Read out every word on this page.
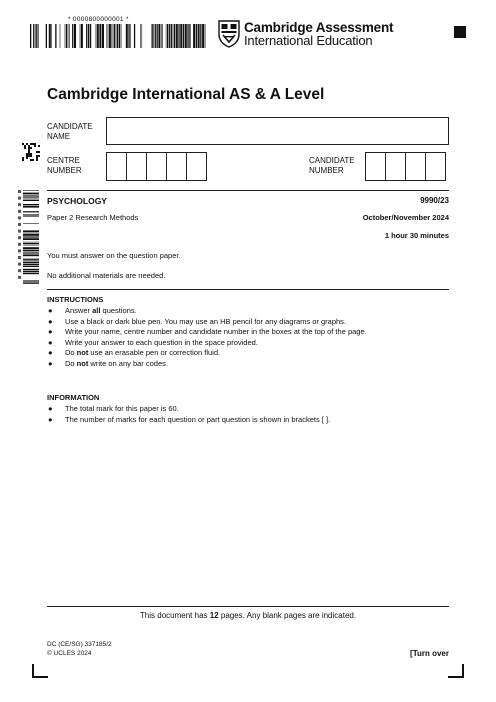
* 0000800000001 *
Cambridge Assessment
International Education
Cambridge International AS & A Level
CANDIDATE
NAME
CENTRE
NUMBER
CANDIDATE
NUMBER
PSYCHOLOGY	9990/23
Paper 2 Research Methods	October/November 2024
1 hour 30 minutes
You must answer on the question paper.
No additional materials are needed.
INSTRUCTIONS
● Answer all questions.
● Use a black or dark blue pen. You may use an HB pencil for any diagrams or graphs.
● Write your name, centre number and candidate number in the boxes at the top of the page.
● Write your answer to each question in the space provided.
● Do not use an erasable pen or correction fluid.
● Do not write on any bar codes.
INFORMATION
● The total mark for this paper is 60.
● The number of marks for each question or part question is shown in brackets [ ].
This document has 12 pages. Any blank pages are indicated.
DC (CE/SG) 337185/2
© UCLES 2024	[Turn over
